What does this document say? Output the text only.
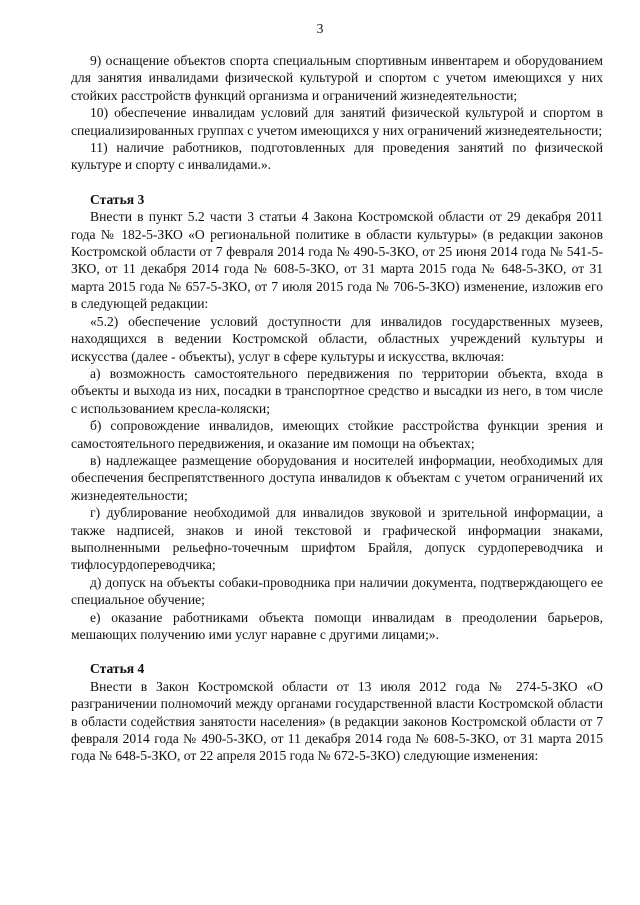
3

9) оснащение объектов спорта специальным спортивным инвентарем и оборудованием для занятия инвалидами физической культурой и спортом с учетом имеющихся у них стойких расстройств функций организма и ограничений жизнедеятельности;

10) обеспечение инвалидам условий для занятий физической культурой и спортом в специализированных группах с учетом имеющихся у них ограничений жизнедеятельности;

11) наличие работников, подготовленных для проведения занятий по физической культуре и спорту с инвалидами.».

Статья 3

Внести в пункт 5.2 части 3 статьи 4 Закона Костромской области от 29 декабря 2011 года № 182-5-ЗКО «О региональной политике в области культуры» (в редакции законов Костромской области от 7 февраля 2014 года № 490-5-ЗКО, от 25 июня 2014 года № 541-5-ЗКО, от 11 декабря 2014 года № 608-5-ЗКО, от 31 марта 2015 года № 648-5-ЗКО, от 31 марта 2015 года № 657-5-ЗКО, от 7 июля 2015 года № 706-5-ЗКО) изменение, изложив его в следующей редакции:

«5.2) обеспечение условий доступности для инвалидов государственных музеев, находящихся в ведении Костромской области, областных учреждений культуры и искусства (далее - объекты), услуг в сфере культуры и искусства, включая:

а) возможность самостоятельного передвижения по территории объекта, входа в объекты и выхода из них, посадки в транспортное средство и высадки из него, в том числе с использованием кресла-коляски;

б) сопровождение инвалидов, имеющих стойкие расстройства функции зрения и самостоятельного передвижения, и оказание им помощи на объектах;

в) надлежащее размещение оборудования и носителей информации, необходимых для обеспечения беспрепятственного доступа инвалидов к объектам с учетом ограничений их жизнедеятельности;

г) дублирование необходимой для инвалидов звуковой и зрительной информации, а также надписей, знаков и иной текстовой и графической информации знаками, выполненными рельефно-точечным шрифтом Брайля, допуск сурдопереводчика и тифлосурдопереводчика;

д) допуск на объекты собаки-проводника при наличии документа, подтверждающего ее специальное обучение;

е) оказание работниками объекта помощи инвалидам в преодолении барьеров, мешающих получению ими услуг наравне с другими лицами;».

Статья 4

Внести в Закон Костромской области от 13 июля 2012 года № 274-5-ЗКО «О разграничении полномочий между органами государственной власти Костромской области в области содействия занятости населения» (в редакции законов Костромской области от 7 февраля 2014 года № 490-5-ЗКО, от 11 декабря 2014 года № 608-5-ЗКО, от 31 марта 2015 года № 648-5-ЗКО, от 22 апреля 2015 года № 672-5-ЗКО) следующие изменения:
